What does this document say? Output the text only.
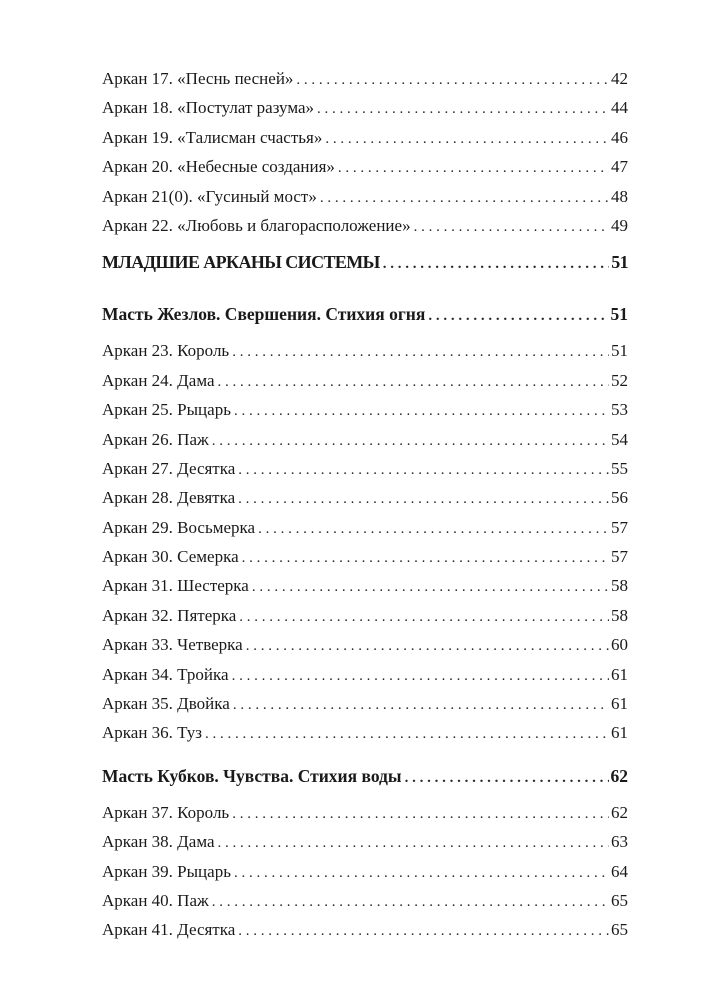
Аркан 17. «Песнь песней» . . .	42
Аркан 18. «Постулат разума» . . .	44
Аркан 19. «Талисман счастья» . . .	46
Аркан 20. «Небесные создания» . . .	47
Аркан 21(0). «Гусиный мост» . . .	48
Аркан 22. «Любовь и благорасположение» . . .	49
МЛАДШИЕ АРКАНЫ СИСТЕМЫ . . .	51
Масть Жезлов. Свершения. Стихия огня . . .	51
Аркан 23. Король . . .	51
Аркан 24. Дама . . .	52
Аркан 25. Рыцарь . . .	53
Аркан 26. Паж . . .	54
Аркан 27. Десятка . . .	55
Аркан 28. Девятка . . .	56
Аркан 29. Восьмерка . . .	57
Аркан 30. Семерка . . .	57
Аркан 31. Шестерка . . .	58
Аркан 32. Пятерка . . .	58
Аркан 33. Четверка . . .	60
Аркан 34. Тройка . . .	61
Аркан 35. Двойка . . .	61
Аркан 36. Туз . . .	61
Масть Кубков. Чувства. Стихия воды . . .	62
Аркан 37. Король . . .	62
Аркан 38. Дама . . .	63
Аркан 39. Рыцарь . . .	64
Аркан 40. Паж . . .	65
Аркан 41. Десятка . . .	65
